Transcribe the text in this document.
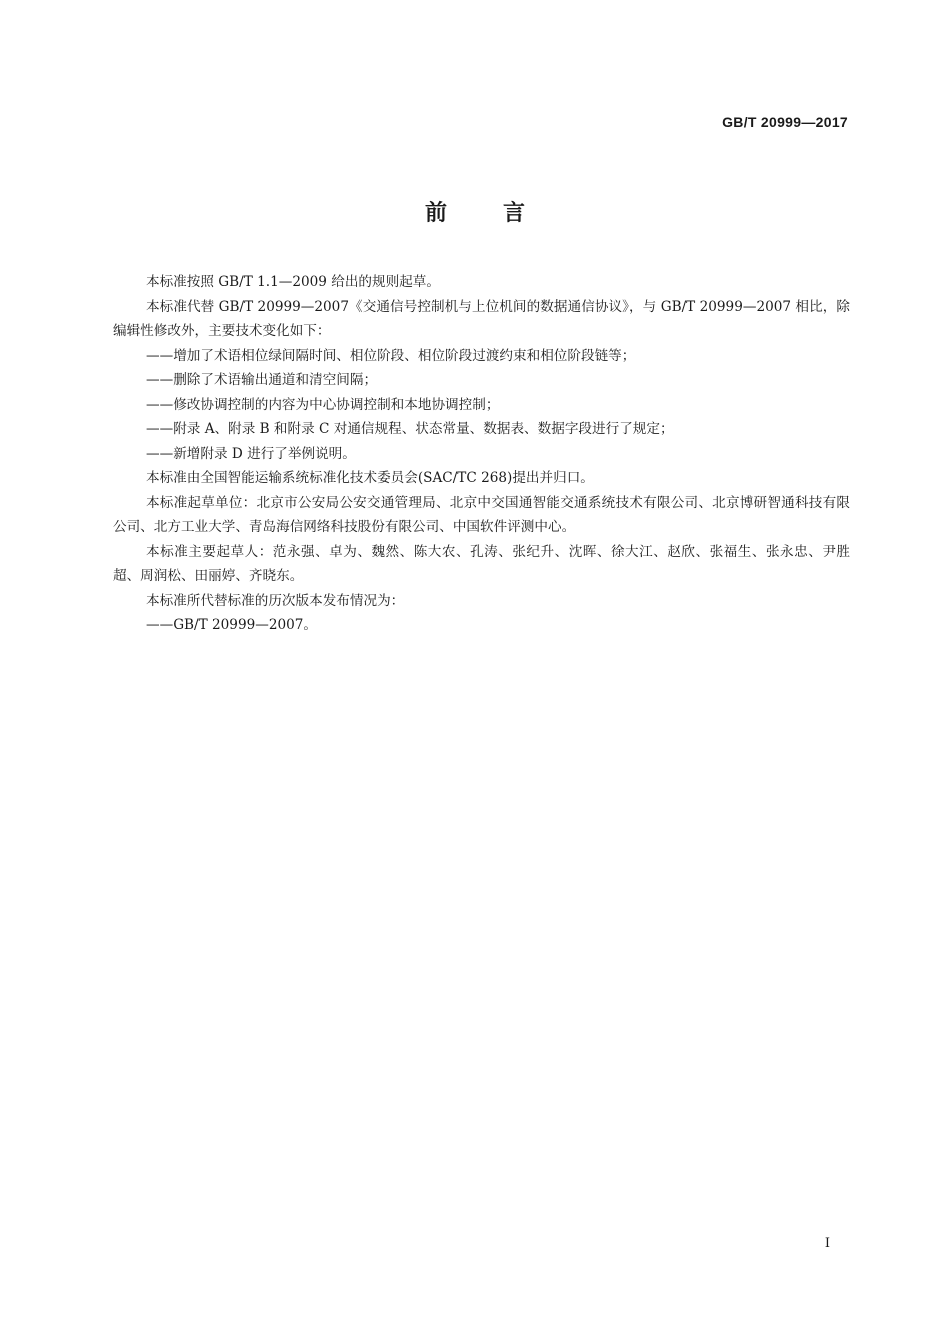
GB/T 20999—2017
前言

本标准按照 GB/T 1.1—2009 给出的规则起草。

本标准代替 GB/T 20999—2007《交通信号控制机与上位机间的数据通信协议》，与 GB/T 20999—2007 相比，除编辑性修改外，主要技术变化如下：

——增加了术语相位绿间隔时间、相位阶段、相位阶段过渡约束和相位阶段链等；

——删除了术语输出通道和清空间隔；

——修改协调控制的内容为中心协调控制和本地协调控制；

——附录 A、附录 B 和附录 C 对通信规程、状态常量、数据表、数据字段进行了规定；

——新增附录 D 进行了举例说明。

本标准由全国智能运输系统标准化技术委员会(SAC/TC 268)提出并归口。

本标准起草单位：北京市公安局公安交通管理局、北京中交国通智能交通系统技术有限公司、北京博研智通科技有限公司、北方工业大学、青岛海信网络科技股份有限公司、中国软件评测中心。

本标准主要起草人：范永强、卓为、魏然、陈大农、孔涛、张纪升、沈晖、徐大江、赵欣、张福生、张永忠、尹胜超、周润松、田丽婷、齐晓东。

本标准所代替标准的历次版本发布情况为：

——GB/T 20999—2007。

I
